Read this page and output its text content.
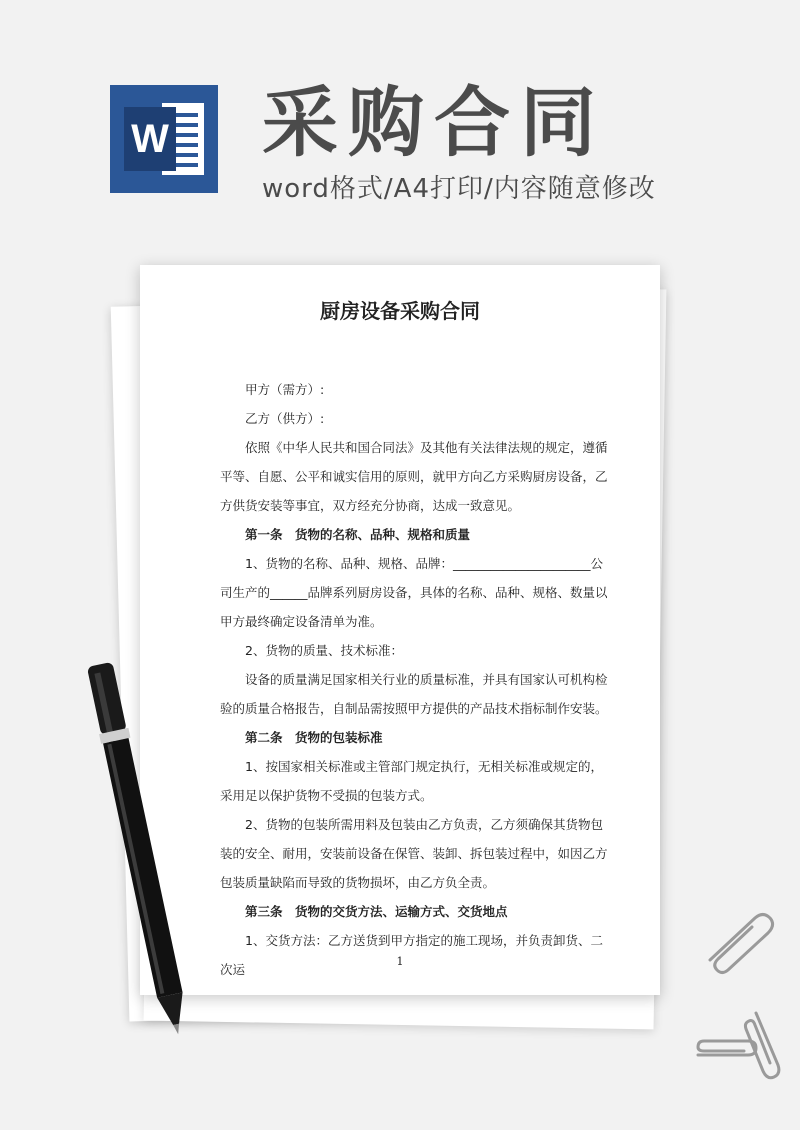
W 采购合同
word格式/A4打印/内容随意修改
厨房设备采购合同

甲方（需方）:

乙方（供方）:

依照《中华人民共和国合同法》及其他有关法律法规的规定，遵循平等、自愿、公平和诚实信用的原则，就甲方向乙方采购厨房设备，乙方供货安装等事宜，双方经充分协商，达成一致意见。

第一条　货物的名称、品种、规格和质量

1、货物的名称、品种、规格、品牌：______________________公司生产的______品牌系列厨房设备，具体的名称、品种、规格、数量以甲方最终确定设备清单为准。

2、货物的质量、技术标准：

设备的质量满足国家相关行业的质量标准，并具有国家认可机构检验的质量合格报告，自制品需按照甲方提供的产品技术指标制作安装。

第二条　货物的包装标准

1、按国家相关标准或主管部门规定执行，无相关标准或规定的，采用足以保护货物不受损的包装方式。

2、货物的包装所需用料及包装由乙方负责，乙方须确保其货物包装的安全、耐用，安装前设备在保管、装卸、拆包装过程中，如因乙方包装质量缺陷而导致的货物损坏，由乙方负全责。

第三条　货物的交货方法、运输方式、交货地点

1、交货方法：乙方送货到甲方指定的施工现场，并负责卸货、二次运

1
